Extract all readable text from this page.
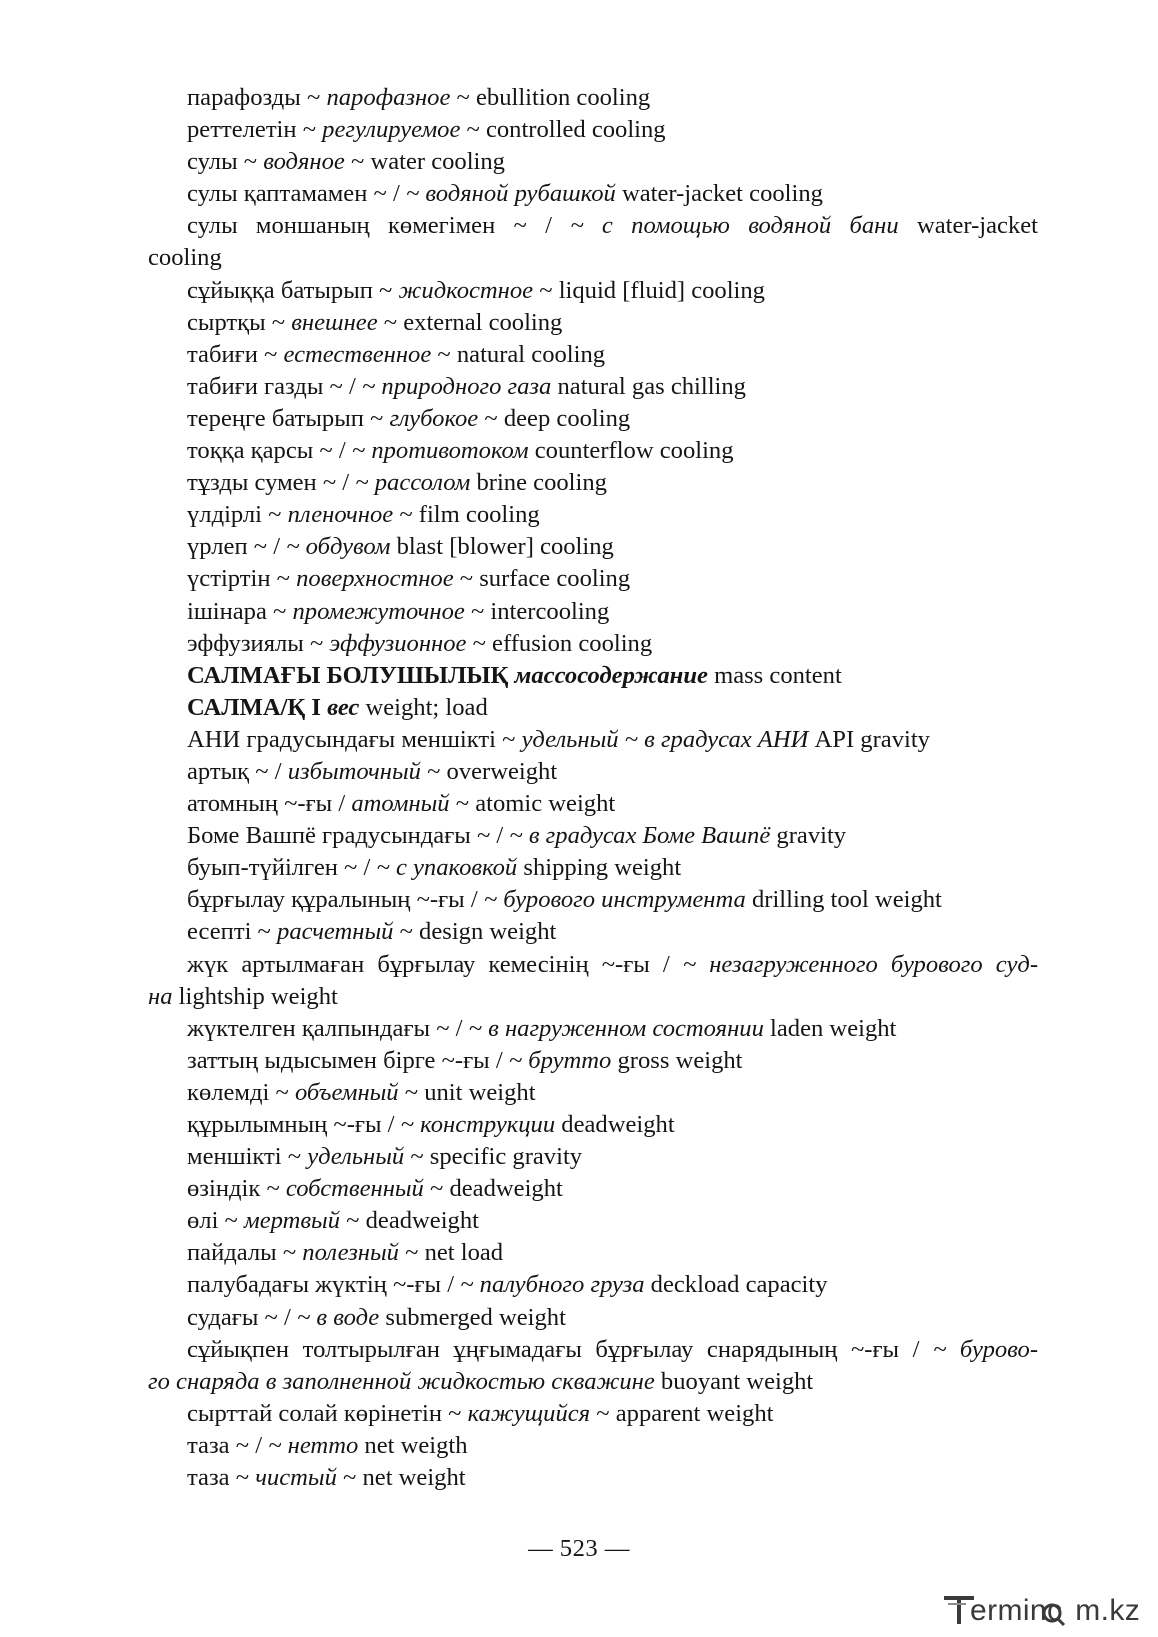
парафозды ~ парофазное ~ ebullition cooling

реттелетін ~ регулируемое ~ controlled cooling

сулы ~ водяное ~ water cooling

сулы қаптамамен ~ / ~ водяной рубашкой water-jacket cooling

сулы моншаның көмегімен ~ / ~ с помощью водяной бани water-jacket
cooling

сұйыққа батырып ~ жидкостное ~ liquid [fluid] cooling

сыртқы ~ внешнее ~ external cooling

табиғи ~ естественное ~ natural cooling

табиғи газды ~ / ~ природного газа natural gas chilling

тереңге батырып ~ глубокое ~ deep cooling

тоққа қарсы ~ / ~ противотоком counterflow cooling

тұзды сумен ~ / ~ рассолом brine cooling

үлдірлі ~ пленочное ~ film cooling

үрлеп ~ / ~ обдувом blast [blower] cooling

үстіртін ~ поверхностное ~ surface cooling

ішінара ~ промежуточное ~ intercooling

эффузиялы ~ эффузионное ~ effusion cooling

САЛМАҒЫ БОЛУШЫЛЫҚ массосодержание mass content

САЛМА/Қ I вес weight; load

АНИ градусындағы меншікті ~ удельный ~ в градусах АНИ API gravity

артық ~ / избыточный ~ overweight

атомның ~-ғы / атомный ~ atomic weight

Боме Вашпё градусындағы ~ / ~ в градусах Боме Вашпё gravity

буып-түйілген ~ / ~ с упаковкой shipping weight

бұрғылау құралының ~-ғы / ~ бурового инструмента drilling tool weight

есепті ~ расчетный ~ design weight

жүк артылмаған бұрғылау кемесінің ~-ғы / ~ незагруженного бурового суд-
на lightship weight

жүктелген қалпындағы ~ / ~ в нагруженном состоянии laden weight

заттың ыдысымен бірге ~-ғы / ~ брутто gross weight

көлемді ~ объемный ~ unit weight

құрылымның ~-ғы / ~ конструкции deadweight

меншікті ~ удельный ~ specific gravity

өзіндік ~ собственный ~ deadweight

өлі ~ мертвый ~ deadweight

пайдалы ~ полезный ~ net load

палубадағы жүктің ~-ғы / ~ палубного груза deckload capacity

судағы ~ / ~ в воде submerged weight

сұйықпен толтырылған ұңғымадағы бұрғылау снарядының ~-ғы / ~ бурово-
го снаряда в заполненной жидкостью скважине buoyant weight

сырттай солай көрінетін ~ кажущийся ~ apparent weight

таза ~ / ~ нетто net weigth

таза ~ чистый ~ net weight

— 523 —
erminc  m.kz
